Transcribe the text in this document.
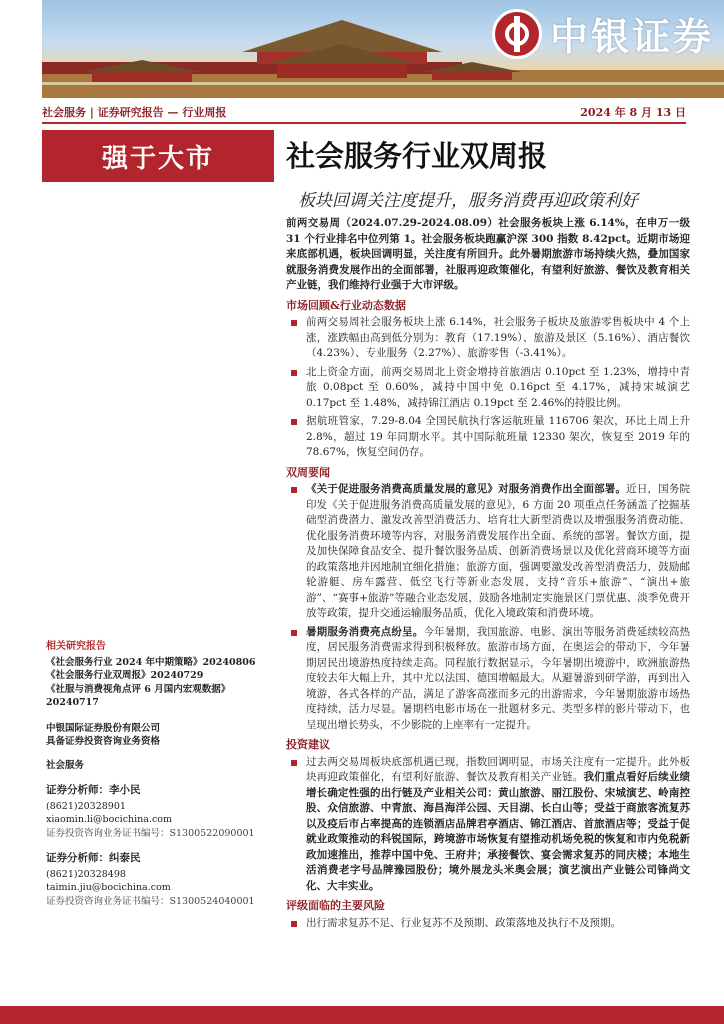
中银证券
社会服务 | 证券研究报告 — 行业周报	2024 年 8 月 13 日
强于大市	社会服务行业双周报
板块回调关注度提升，服务消费再迎政策利好

前两交易周（2024.07.29-2024.08.09）社会服务板块上涨 6.14%，在申万一级 31 个行业排名中位列第 1。社会服务板块跑赢沪深 300 指数 8.42pct。近期市场迎来底部机遇，板块回调明显，关注度有所回升。此外暑期旅游市场持续火热，叠加国家就服务消费发展作出的全面部署，社服再迎政策催化，有望利好旅游、餐饮及教育相关产业链，我们维持行业强于大市评级。

市场回顾&行业动态数据
前两交易周社会服务板块上涨 6.14%，社会服务子板块及旅游零售板块中 4 个上涨，涨跌幅由高到低分别为：教育（17.19%）、旅游及景区（5.16%）、酒店餐饮（4.23%）、专业服务（2.27%）、旅游零售（-3.41%）。
北上资金方面，前两交易周北上资金增持首旅酒店 0.10pct 至 1.23%，增持中青旅 0.08pct 至 0.60%，减持中国中免 0.16pct 至 4.17%，减持宋城演艺 0.17pct 至 1.48%，减持锦江酒店 0.19pct 至 2.46%的持股比例。
据航班管家，7.29-8.04 全国民航执行客运航班量 116706 架次，环比上周上升 2.8%，超过 19 年同期水平。其中国际航班量 12330 架次，恢复至 2019 年的 78.67%，恢复空间仍存。
双周要闻
《关于促进服务消费高质量发展的意见》对服务消费作出全面部署。近日，国务院印发《关于促进服务消费高质量发展的意见》，6 方面 20 项重点任务涵盖了挖掘基础型消费潜力、激发改善型消费活力、培育壮大新型消费以及增强服务消费动能、优化服务消费环境等内容，对服务消费发展作出全面、系统的部署。餐饮方面，提及加快保障食品安全、提升餐饮服务品质、创新消费场景以及优化营商环境等方面的政策落地并因地制宜细化措施；旅游方面，强调要激发改善型消费活力，鼓励邮轮游艇、房车露营、低空飞行等新业态发展，支持“音乐+旅游”、“演出+旅游”、“赛事+旅游”等融合业态发展，鼓励各地制定实施景区门票优惠、淡季免费开放等政策，提升交通运输服务品质，优化入境政策和消费环境。
暑期服务消费亮点纷呈。今年暑期，我国旅游、电影、演出等服务消费延续较高热度，居民服务消费需求得到积极释放。旅游市场方面，在奥运会的带动下，今年暑期居民出境游热度持续走高。同程旅行数据显示，今年暑期出境游中，欧洲旅游热度较去年大幅上升，其中尤以法国、德国增幅最大。从避暑游到研学游，再到出入境游，各式各样的产品，满足了游客高涨而多元的出游需求，今年暑期旅游市场热度持续，活力尽显。暑期档电影市场在一批题材多元、类型多样的影片带动下，也呈现出增长势头，不少影院的上座率有一定提升。
投资建议
过去两交易周板块底部机遇已现，指数回调明显，市场关注度有一定提升。此外板块再迎政策催化，有望利好旅游、餐饮及教育相关产业链。我们重点看好后续业绩增长确定性强的出行链及产业相关公司：黄山旅游、丽江股份、宋城演艺、岭南控股、众信旅游、中青旅、海昌海洋公园、天目湖、长白山等；受益于商旅客流复苏以及疫后市占率提高的连锁酒店品牌君亭酒店、锦江酒店、首旅酒店等；受益于促就业政策推动的科锐国际，跨境游市场恢复有望推动机场免税的恢复和市内免税新政加速推出，推荐中国中免、王府井；承接餐饮、宴会需求复苏的同庆楼；本地生活消费老字号品牌豫园股份；境外展龙头米奥会展；演艺演出产业链公司锋尚文化、大丰实业。
评级面临的主要风险
出行需求复苏不足、行业复苏不及预期、政策落地及执行不及预期。
相关研究报告
《社会服务行业 2024 年中期策略》20240806
《社会服务行业双周报》20240729
《社服与消费视角点评 6 月国内宏观数据》20240717
中银国际证券股份有限公司
具备证券投资咨询业务资格
社会服务
证券分析师：李小民
(8621)20328901
xiaomin.li@bocichina.com
证券投资咨询业务证书编号：S1300522090001
证券分析师：纠泰民
(8621)20328498
taimin.jiu@bocichina.com
证券投资咨询业务证书编号：S1300524040001
